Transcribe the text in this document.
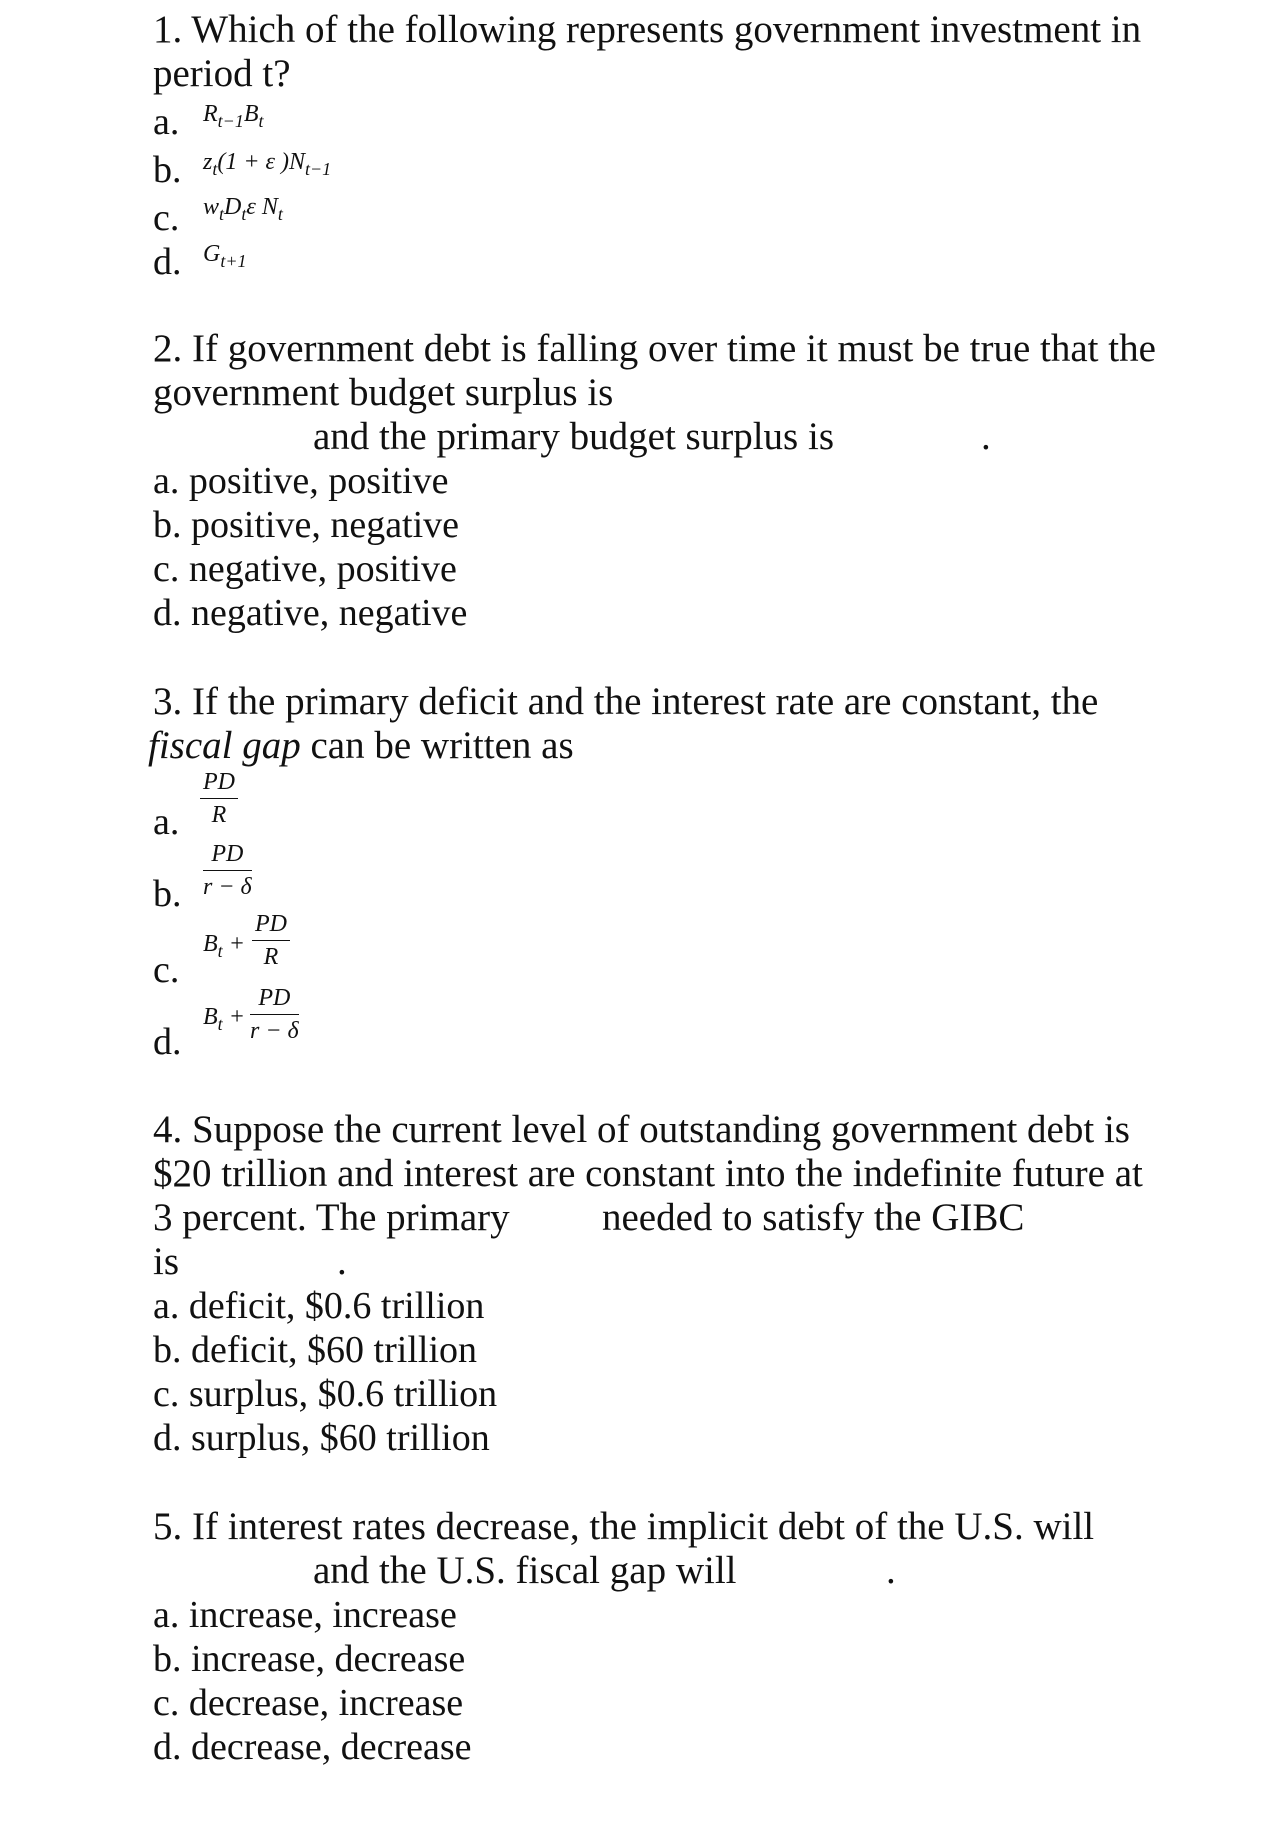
1. Which of the following represents government investment in
period t?
a. $R_{t-1}B_t$
b. $z_t(1 + \varepsilon$ )$N_{t-1}$
c. $w_tD_t\varepsilon$ $N_t$
d. $G_{t+1}$
2. If government debt is falling over time it must be true that the
government budget surplus is
and the primary budget surplus is	.
a. positive, positive
b. positive, negative
c. negative, positive
d. negative, negative
3. If the primary deficit and the interest rate are constant, the
fiscal gap can be written as
a.
PD
R
b.
PD
r − δ
c.
$B_t$ +
PD
R
d.
$B_t$ +
PD
r − δ
4. Suppose the current level of outstanding government debt is
$20 trillion and interest are constant into the indefinite future at
3 percent. The primary needed to satisfy the GIBC
is	.
a. deficit, $0.6 trillion
b. deficit, $60 trillion
c. surplus, $0.6 trillion
d. surplus, $60 trillion
5. If interest rates decrease, the implicit debt of the U.S. will
and the U.S. fiscal gap will	.
a. increase, increase
b. increase, decrease
c. decrease, increase
d. decrease, decrease
